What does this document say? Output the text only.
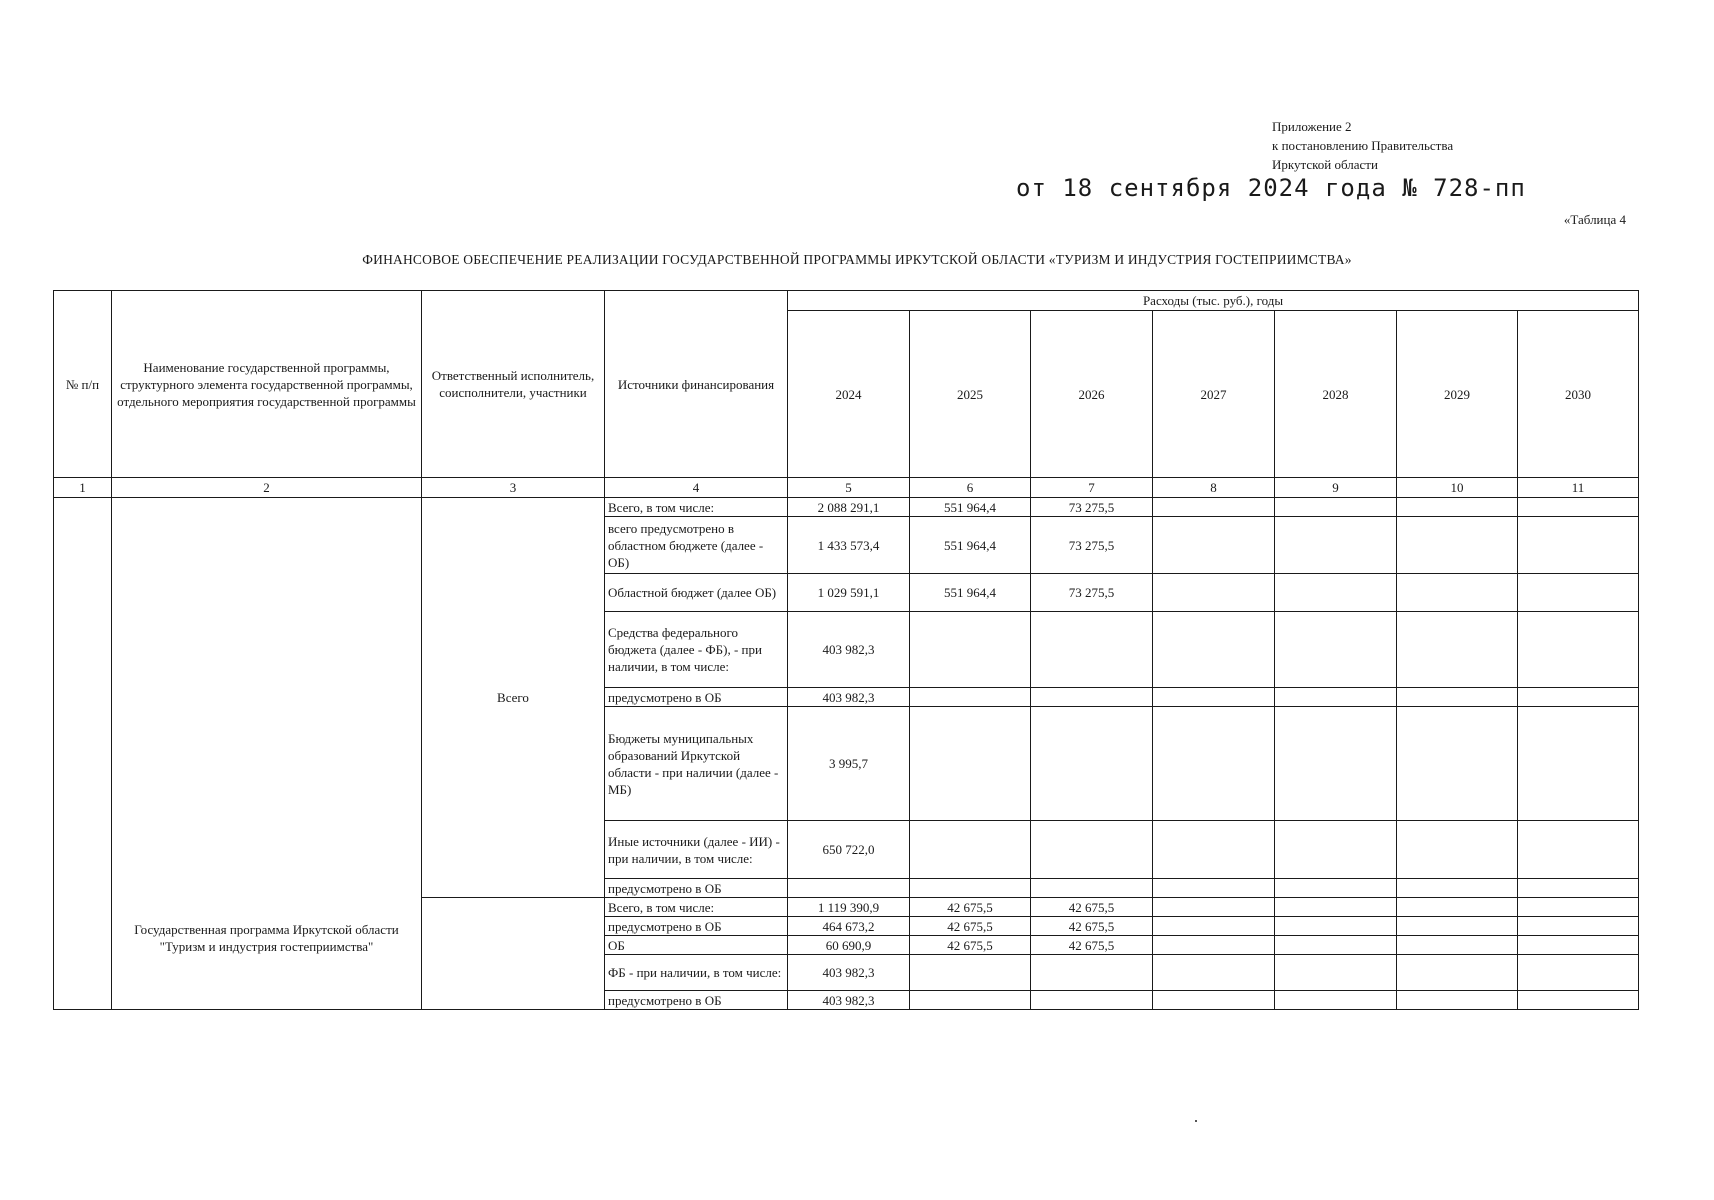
Приложение 2
к постановлению Правительства
Иркутской области
от 18 сентября 2024 года № 728-пп
«Таблица 4
ФИНАНСОВОЕ ОБЕСПЕЧЕНИЕ РЕАЛИЗАЦИИ ГОСУДАРСТВЕННОЙ ПРОГРАММЫ ИРКУТСКОЙ ОБЛАСТИ «ТУРИЗМ И ИНДУСТРИЯ ГОСТЕПРИИМСТВА»
№ п/п	Наименование государственной программы, структурного элемента государственной программы, отдельного мероприятия государственной программы	Ответственный исполнитель, соисполнители, участники	Источники финансирования	Расходы (тыс. руб.), годы						
				2024	2025	2026	2027	2028	2029	2030
1	2	3	4	5	6	7	8	9	10	11
	Государственная программа Иркутской области "Туризм и индустрия гостеприимства"	Всего	Всего, в том числе:	2 088 291,1	551 964,4	73 275,5				
			всего предусмотрено в областном бюджете (далее - ОБ)	1 433 573,4	551 964,4	73 275,5				
			Областной бюджет (далее ОБ)	1 029 591,1	551 964,4	73 275,5				
			Средства федерального бюджета (далее - ФБ), - при наличии, в том числе:	403 982,3						
			предусмотрено в ОБ	403 982,3						
			Бюджеты муниципальных образований Иркутской области - при наличии (далее - МБ)	3 995,7						
			Иные источники (далее - ИИ) - при наличии, в том числе:	650 722,0						
			предусмотрено в ОБ							
			Всего, в том числе:	1 119 390,9	42 675,5	42 675,5				
			предусмотрено в ОБ	464 673,2	42 675,5	42 675,5				
			ОБ	60 690,9	42 675,5	42 675,5				
			ФБ - при наличии, в том числе:	403 982,3						
			предусмотрено в ОБ	403 982,3						
